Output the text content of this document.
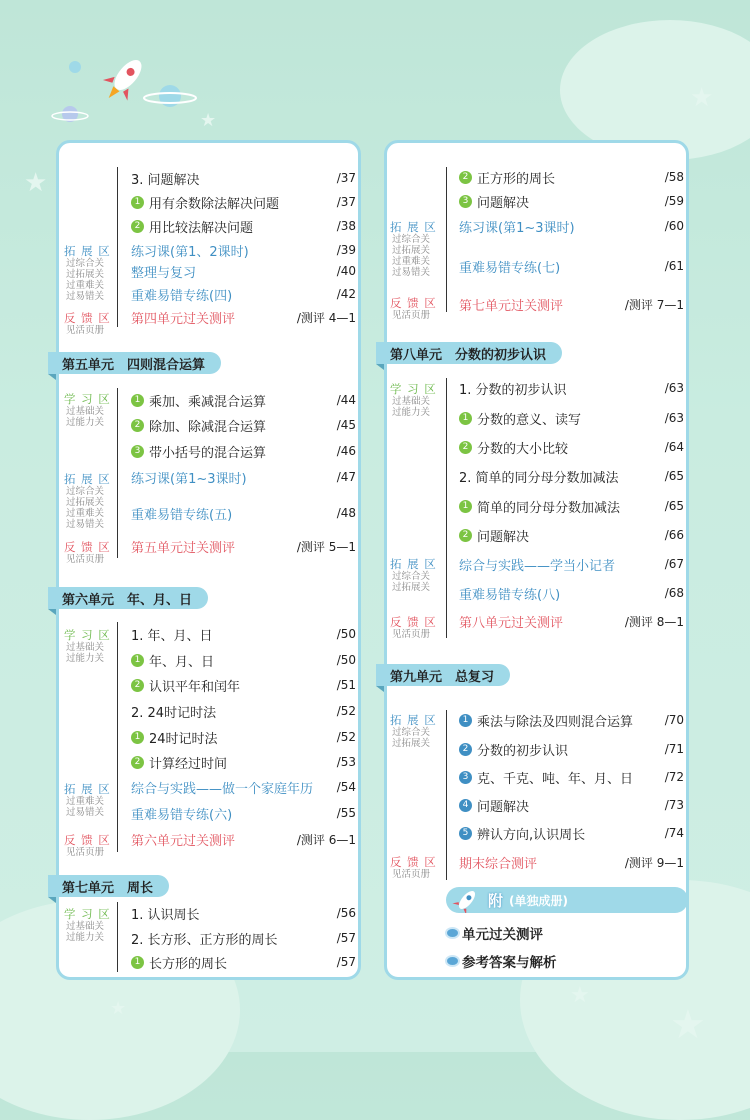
★
★
★
★	★
★
3. 问题解决	/37
1 用有余数除法解决问题	/37
2 用比较法解决问题	/38
练习课(第1、2课时)	/39
整理与复习	/40
重难易错专练(四)	/42
第四单元过关测评	/测评 4—1
1 乘加、乘减混合运算	/44
2 除加、除减混合运算	/45
3 带小括号的混合运算	/46
练习课(第1~3课时)	/47
重难易错专练(五)	/48
第五单元过关测评	/测评 5—1
1. 年、月、日	/50
1 年、月、日	/50
2 认识平年和闰年	/51
2. 24时记时法	/52
1 24时记时法	/52
2 计算经过时间	/53
综合与实践——做一个家庭年历	/54
重难易错专练(六)	/55
第六单元过关测评	/测评 6—1
1. 认识周长	/56
2. 长方形、正方形的周长	/57
1 长方形的周长	/57
拓 展 区
过综合关
过拓展关
过重难关
过易错关
反 馈 区
见活页册
学 习 区
过基础关
过能力关
拓 展 区
过综合关
过拓展关
过重难关
过易错关
反 馈 区
见活页册
学 习 区
过基础关
过能力关
拓 展 区
过重难关
过易错关
反 馈 区
见活页册
学 习 区
过基础关
过能力关
第五单元　四则混合运算
第六单元　年、月、日
第七单元　周长
2 正方形的周长	/58
3 问题解决	/59
练习课(第1~3课时)	/60
重难易错专练(七)	/61
第七单元过关测评	/测评 7—1
1. 分数的初步认识	/63
1 分数的意义、读写	/63
2 分数的大小比较	/64
2. 简单的同分母分数加减法	/65
1 简单的同分母分数加减法	/65
2 问题解决	/66
综合与实践——学当小记者	/67
重难易错专练(八)	/68
第八单元过关测评	/测评 8—1
1 乘法与除法及四则混合运算	/70
2 分数的初步认识	/71
3 克、千克、吨、年、月、日	/72
4 问题解决	/73
5 辨认方向,认识周长	/74
期末综合测评	/测评 9—1
拓 展 区
过综合关
过拓展关
过重难关
过易错关
反 馈 区
见活页册
学 习 区
过基础关
过能力关
拓 展 区
过综合关
过拓展关
反 馈 区
见活页册
拓 展 区
过综合关
过拓展关
反 馈 区
见活页册
第八单元　分数的初步认识
第九单元　总复习
附 (单独成册)
单元过关测评
参考答案与解析
